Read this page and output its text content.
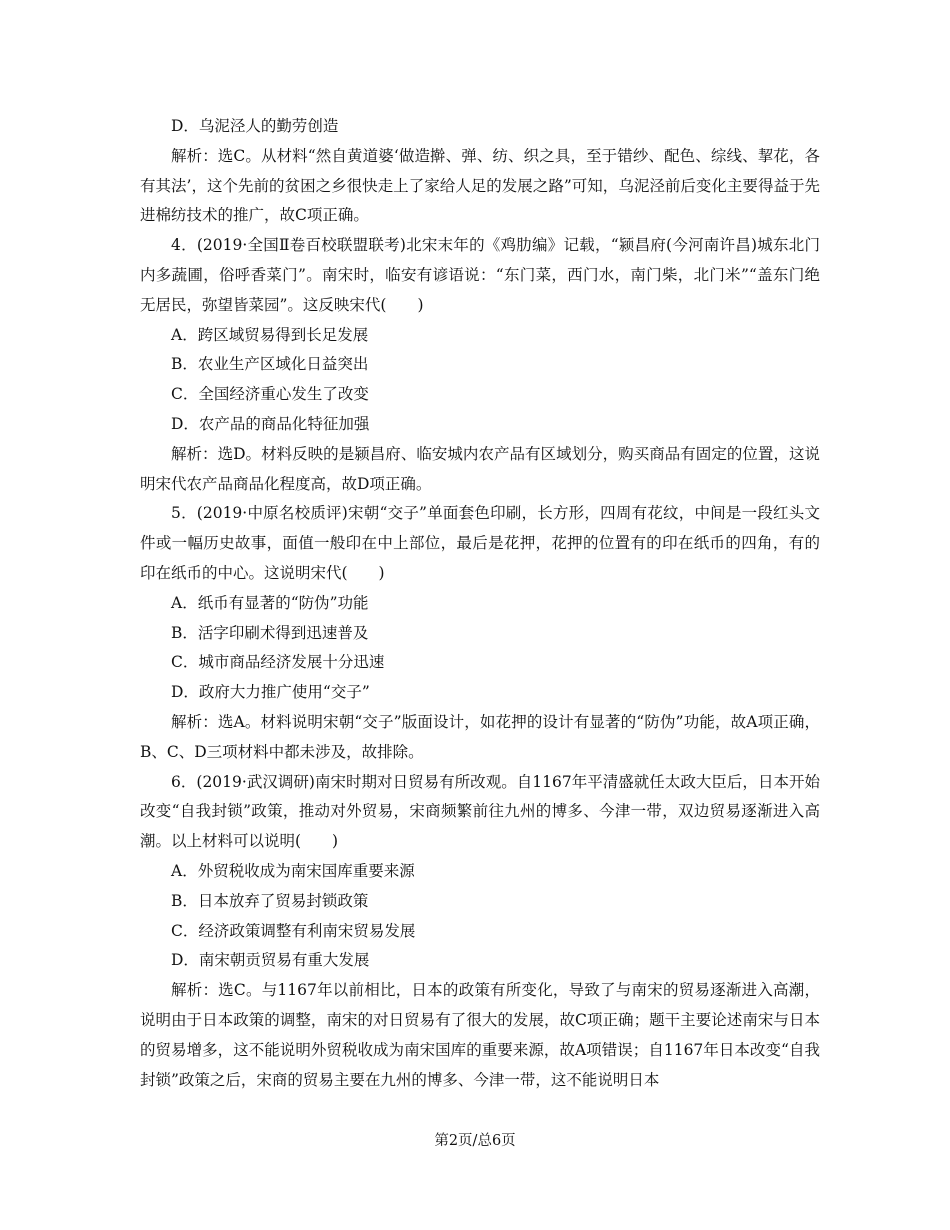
D．乌泥泾人的勤劳创造

解析：选C。从材料“然自黄道婆‘做造擀、弹、纺、织之具，至于错纱、配色、综线、挈花，各有其法’，这个先前的贫困之乡很快走上了家给人足的发展之路”可知，乌泥泾前后变化主要得益于先进棉纺技术的推广，故C项正确。

4．(2019·全国Ⅱ卷百校联盟联考)北宋末年的《鸡肋编》记载，“颍昌府(今河南许昌)城东北门内多蔬圃，俗呼香菜门”。南宋时，临安有谚语说：“东门菜，西门水，南门柴，北门米”“盖东门绝无居民，弥望皆菜园”。这反映宋代(　　)

A．跨区域贸易得到长足发展

B．农业生产区域化日益突出

C．全国经济重心发生了改变

D．农产品的商品化特征加强

解析：选D。材料反映的是颍昌府、临安城内农产品有区域划分，购买商品有固定的位置，这说明宋代农产品商品化程度高，故D项正确。

5．(2019·中原名校质评)宋朝“交子”单面套色印刷，长方形，四周有花纹，中间是一段红头文件或一幅历史故事，面值一般印在中上部位，最后是花押，花押的位置有的印在纸币的四角，有的印在纸币的中心。这说明宋代(　　)

A．纸币有显著的“防伪”功能

B．活字印刷术得到迅速普及

C．城市商品经济发展十分迅速

D．政府大力推广使用“交子”

解析：选A。材料说明宋朝“交子”版面设计，如花押的设计有显著的“防伪”功能，故A项正确，B、C、D三项材料中都未涉及，故排除。

6．(2019·武汉调研)南宋时期对日贸易有所改观。自1167年平清盛就任太政大臣后，日本开始改变“自我封锁”政策，推动对外贸易，宋商频繁前往九州的博多、今津一带，双边贸易逐渐进入高潮。以上材料可以说明(　　)

A．外贸税收成为南宋国库重要来源

B．日本放弃了贸易封锁政策

C．经济政策调整有利南宋贸易发展

D．南宋朝贡贸易有重大发展

解析：选C。与1167年以前相比，日本的政策有所变化，导致了与南宋的贸易逐渐进入高潮，说明由于日本政策的调整，南宋的对日贸易有了很大的发展，故C项正确；题干主要论述南宋与日本的贸易增多，这不能说明外贸税收成为南宋国库的重要来源，故A项错误；自1167年日本改变“自我封锁”政策之后，宋商的贸易主要在九州的博多、今津一带，这不能说明日本

第2页/总6页
